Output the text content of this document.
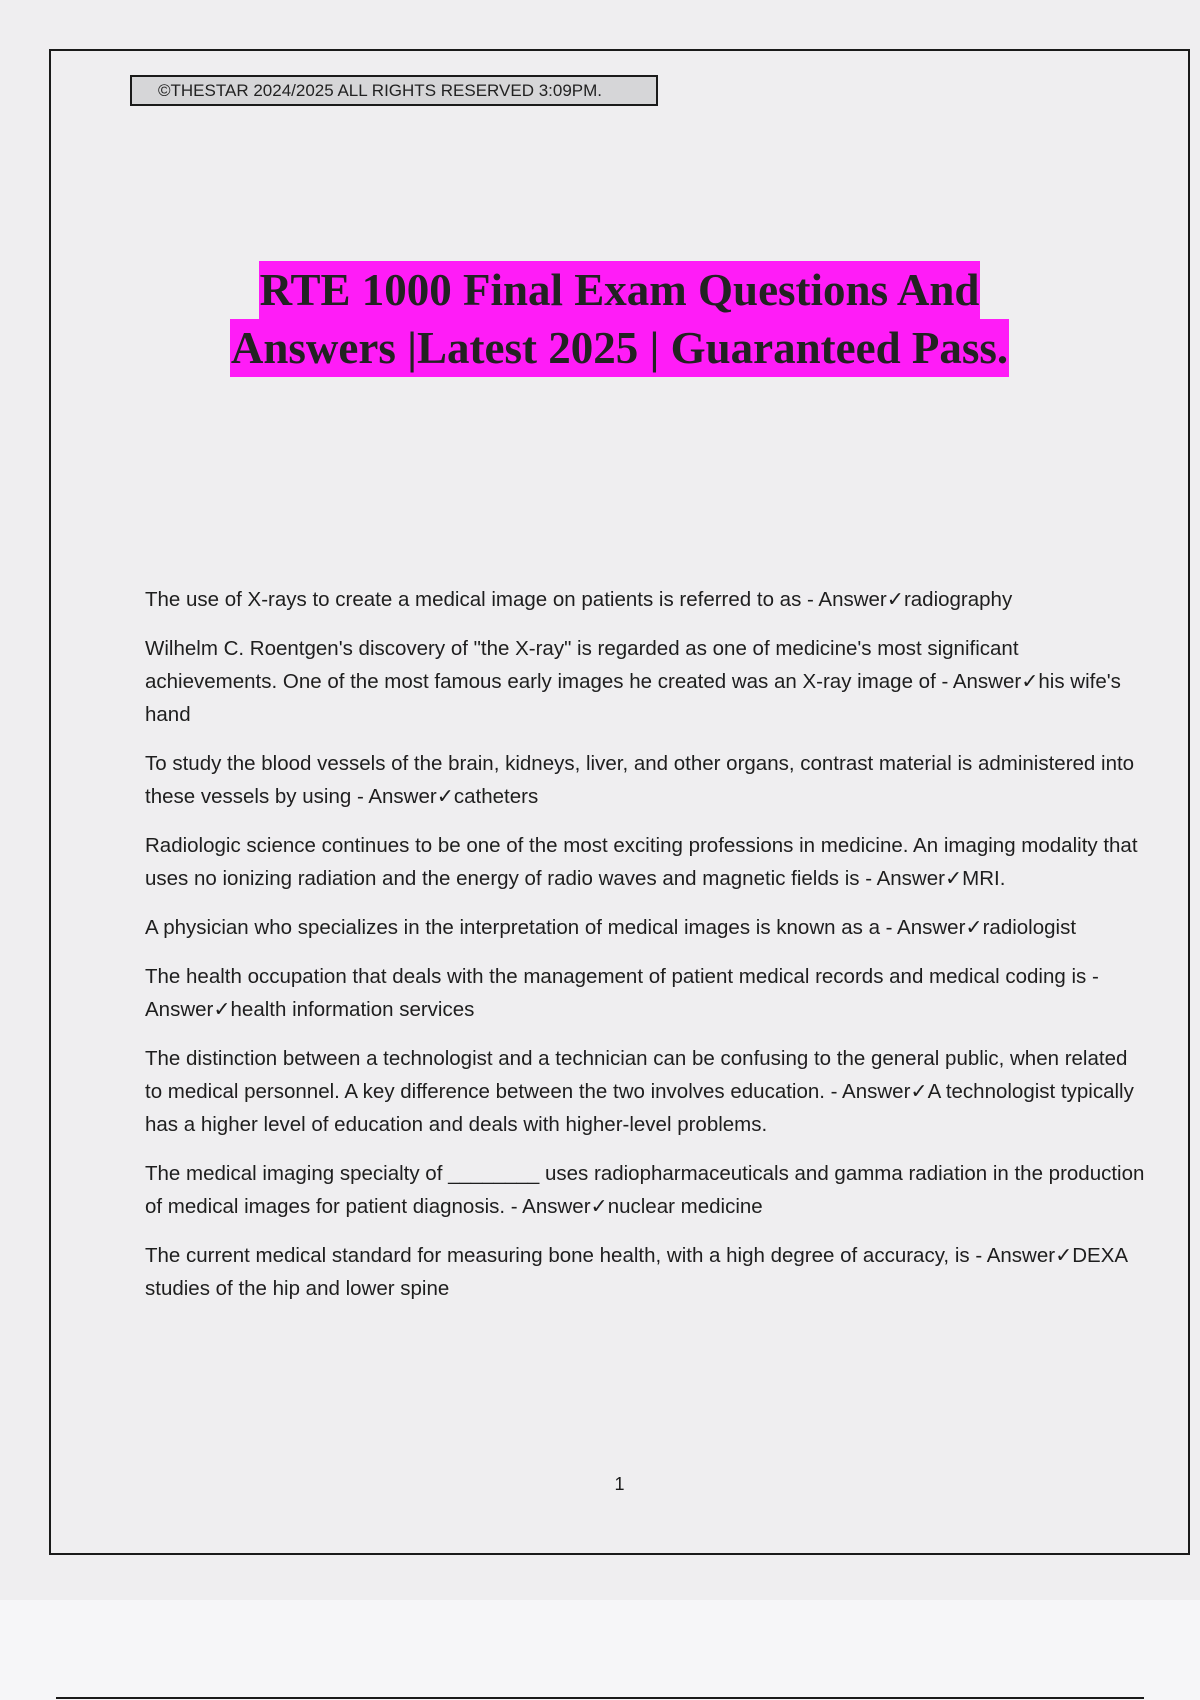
©THESTAR 2024/2025 ALL RIGHTS RESERVED 3:09PM.
RTE 1000 Final Exam Questions And
Answers |Latest 2025 | Guaranteed Pass.

The use of X-rays to create a medical image on patients is referred to as - Answer✓radiography

Wilhelm C. Roentgen's discovery of "the X-ray" is regarded as one of medicine's most significant achievements. One of the most famous early images he created was an X-ray image of - Answer✓his wife's hand

To study the blood vessels of the brain, kidneys, liver, and other organs, contrast material is administered into these vessels by using - Answer✓catheters

Radiologic science continues to be one of the most exciting professions in medicine. An imaging modality that uses no ionizing radiation and the energy of radio waves and magnetic fields is - Answer✓MRI.

A physician who specializes in the interpretation of medical images is known as a - Answer✓radiologist

The health occupation that deals with the management of patient medical records and medical coding is - Answer✓health information services

The distinction between a technologist and a technician can be confusing to the general public, when related to medical personnel. A key difference between the two involves education. - Answer✓A technologist typically has a higher level of education and deals with higher-level problems.

The medical imaging specialty of ________ uses radiopharmaceuticals and gamma radiation in the production of medical images for patient diagnosis. - Answer✓nuclear medicine

The current medical standard for measuring bone health, with a high degree of accuracy, is - Answer✓DEXA studies of the hip and lower spine

1
